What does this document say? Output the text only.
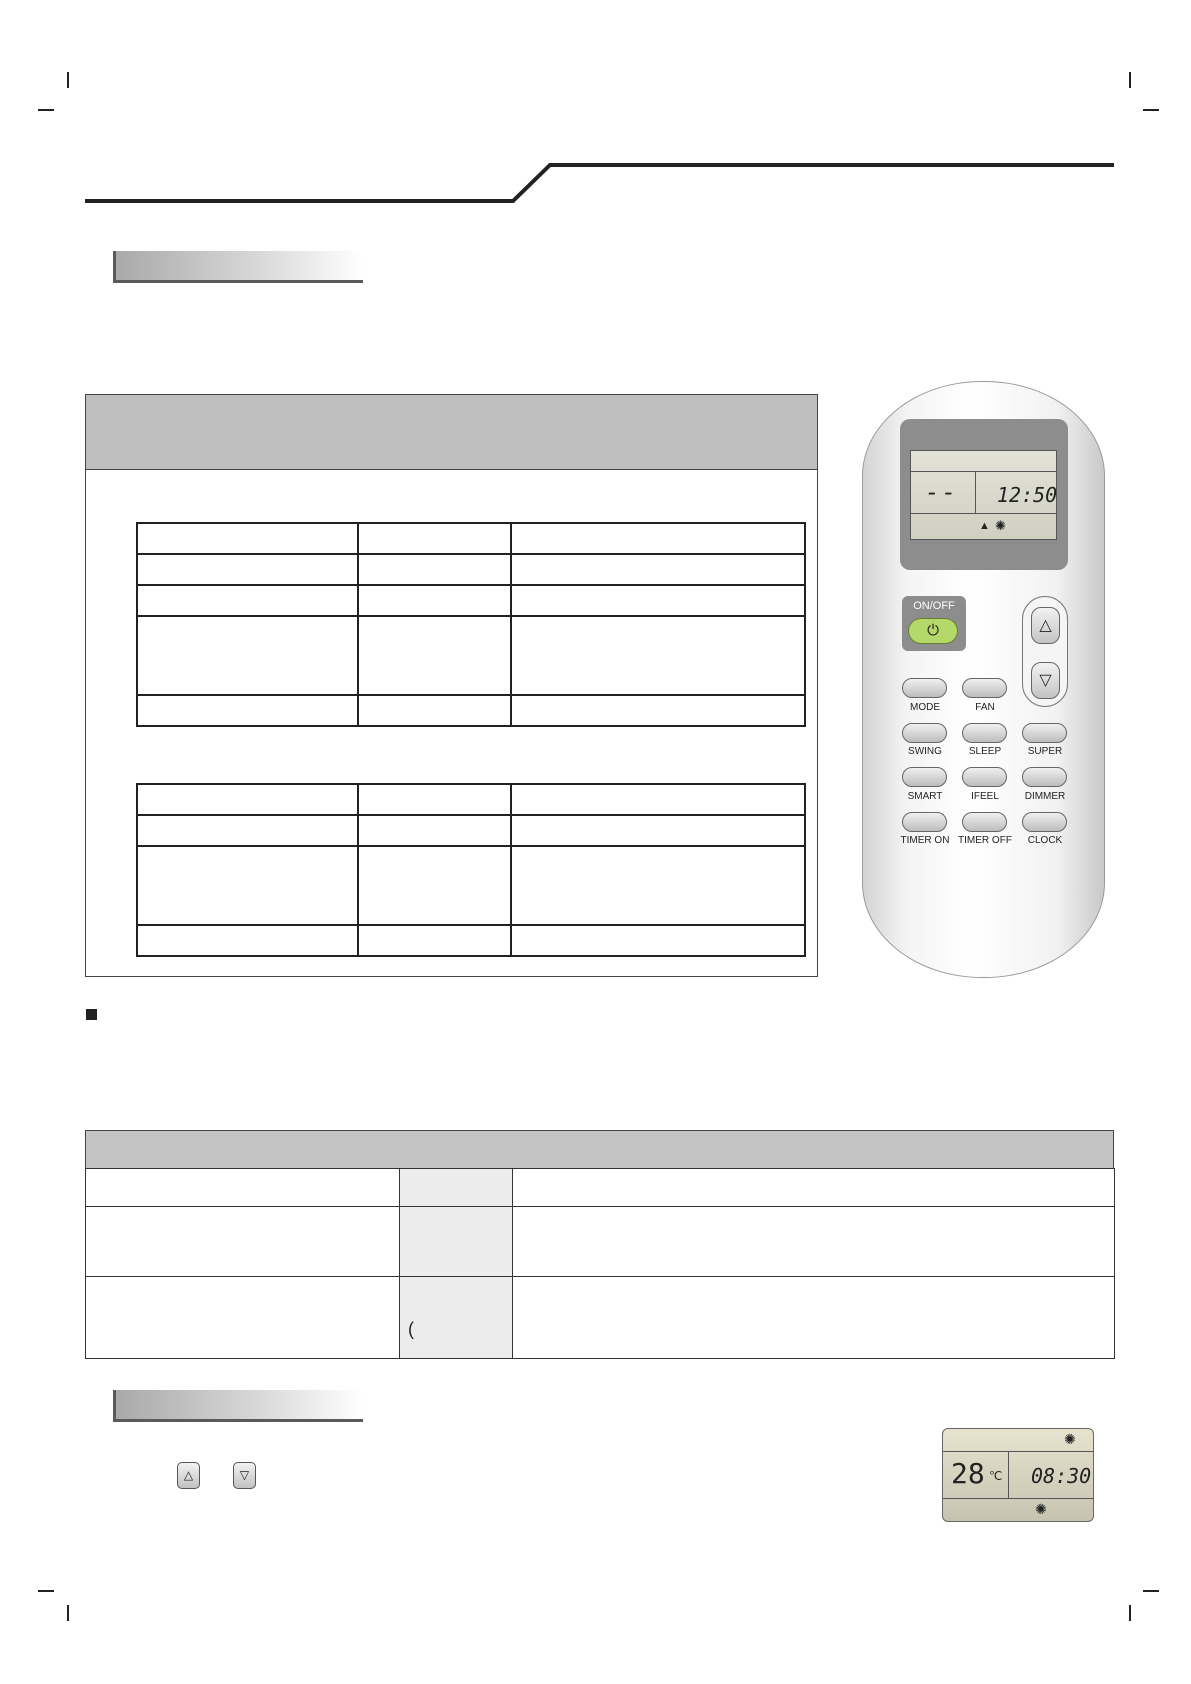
-- 12:50
▲ ✺
ON/OFF
⏻	△
▽
MODE	FAN
SWING	SLEEP	SUPER
SMART	IFEEL	DIMMER
TIMER ON TIMER OFF	CLOCK

	(	
△	▽
✺
28 ℃ 08:30
✺
